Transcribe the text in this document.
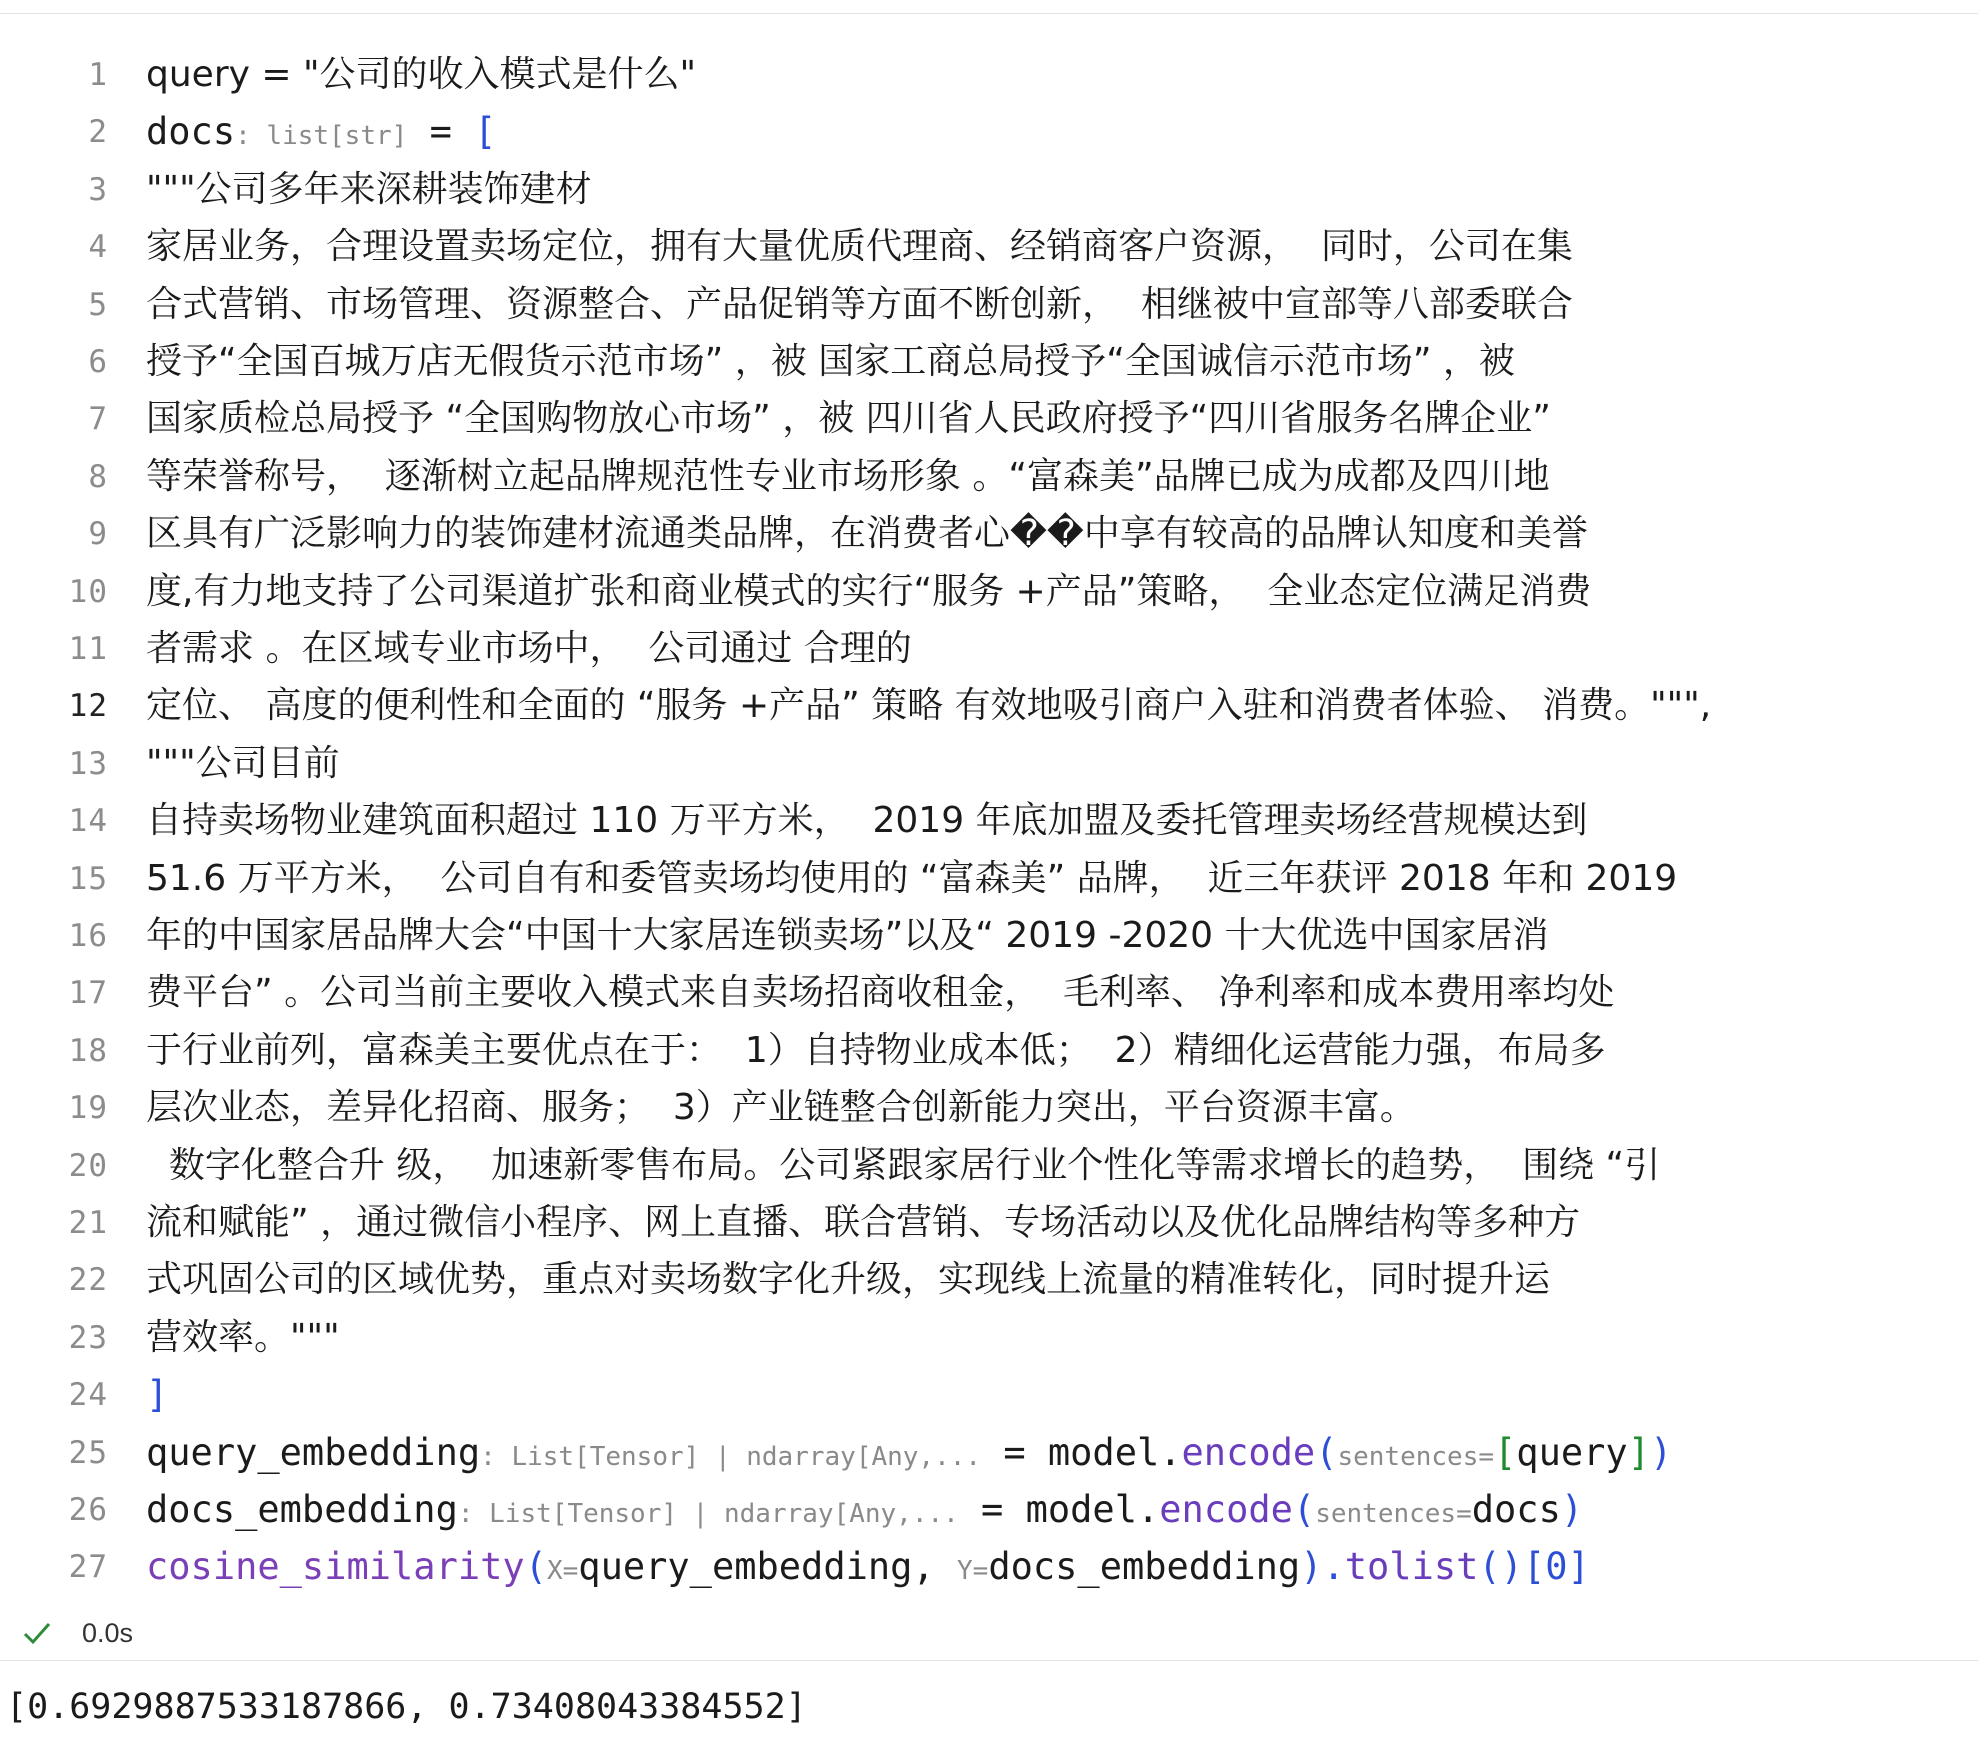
1 query = "公司的收入模式是什么"
2 docs: list[str] = [
3 """公司多年来深耕装饰建材
4 家居业务，合理设置卖场定位，拥有大量优质代理商、经销商客户资源，  同时，公司在集
5 合式营销、市场管理、资源整合、产品促销等方面不断创新，  相继被中宣部等八部委联合
6 授予“全国百城万店无假货示范市场” ，被 国家工商总局授予“全国诚信示范市场” ，被
7 国家质检总局授予 “全国购物放心市场” ，被 四川省人民政府授予“四川省服务名牌企业”
8 等荣誉称号，  逐渐树立起品牌规范性专业市场形象 。“富森美”品牌已成为成都及四川地
9 区具有广泛影响力的装饰建材流通类品牌，在消费者心��中享有较高的品牌认知度和美誉
10 度,有力地支持了公司渠道扩张和商业模式的实行“服务 +产品”策略，  全业态定位满足消费
11 者需求 。在区域专业市场中，  公司通过 合理的
12 定位、 高度的便利性和全面的 “服务 +产品” 策略 有效地吸引商户入驻和消费者体验、 消费。""",
13 """公司目前
14 自持卖场物业建筑面积超过 110 万平方米，  2019 年底加盟及委托管理卖场经营规模达到
15 51.6 万平方米，  公司自有和委管卖场均使用的 “富森美” 品牌，  近三年获评 2018 年和 2019
16 年的中国家居品牌大会“中国十大家居连锁卖场”以及“ 2019 -2020 十大优选中国家居消
17 费平台” 。公司当前主要收入模式来自卖场招商收租金，  毛利率、 净利率和成本费用率均处
18 于行业前列，富森美主要优点在于：  1）自持物业成本低；  2）精细化运营能力强，布局多
19 层次业态，差异化招商、服务；  3）产业链整合创新能力突出，平台资源丰富。
20 数字化整合升 级，  加速新零售布局。公司紧跟家居行业个性化等需求增长的趋势，  围绕 “引
21 流和赋能” ，通过微信小程序、网上直播、联合营销、专场活动以及优化品牌结构等多种方
22 式巩固公司的区域优势，重点对卖场数字化升级，实现线上流量的精准转化，同时提升运
23 营效率。"""
24 ]
25 query_embedding: List[Tensor] | ndarray[Any,... = model.encode(sentences=[query])
26 docs_embedding: List[Tensor] | ndarray[Any,... = model.encode(sentences=docs)
27 cosine_similarity(X=query_embedding, Y=docs_embedding).tolist()[0]
0.0s
[0.6929887533187866, 0.73408043384552]
